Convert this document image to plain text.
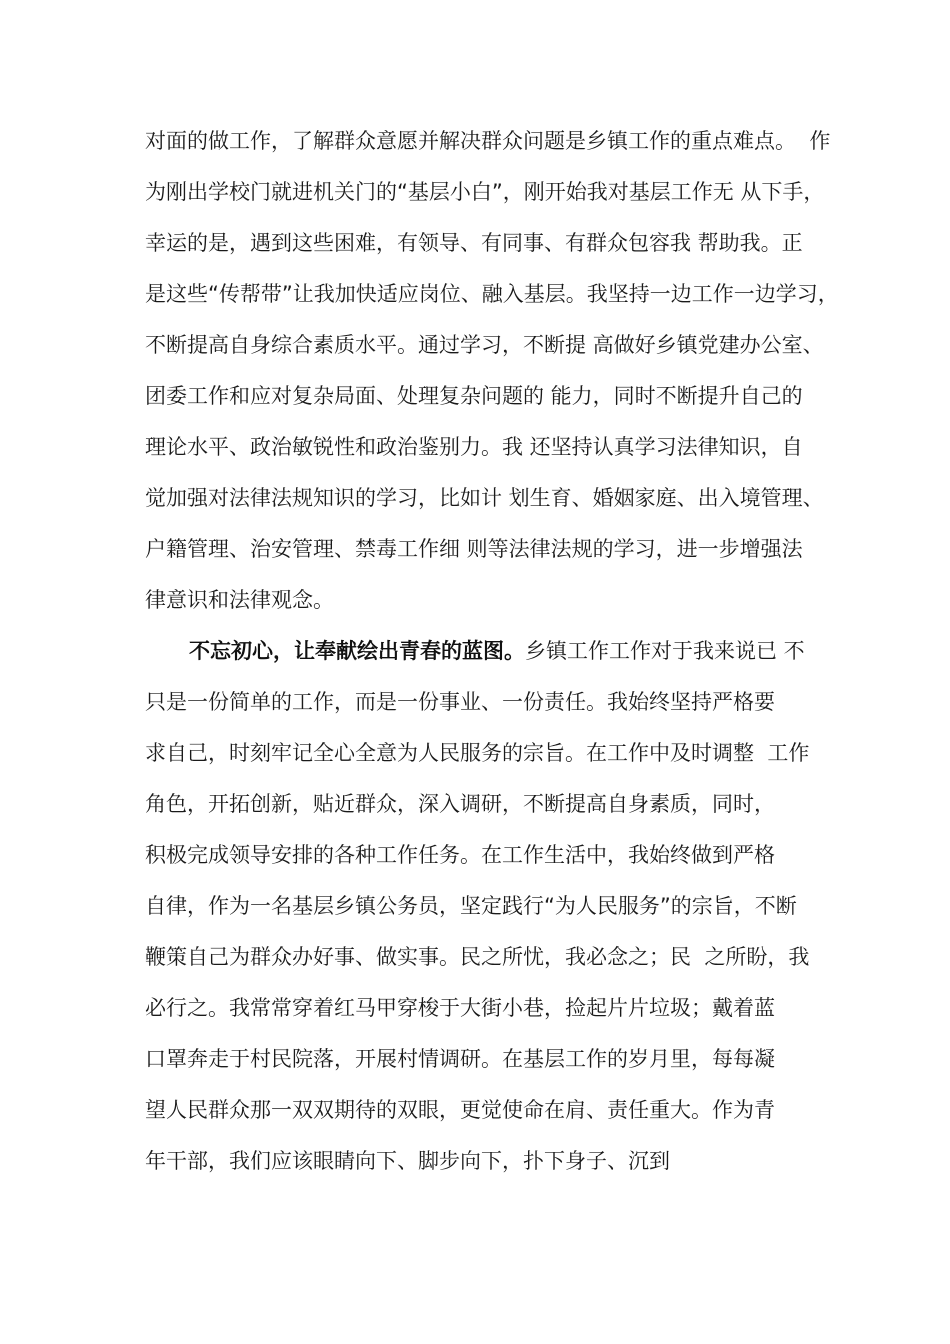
对面的做工作，了解群众意愿并解决群众问题是乡镇工作的重点难点。  作

为刚出学校门就进机关门的“基层小白”，刚开始我对基层工作无 从下手，

幸运的是，遇到这些困难，有领导、有同事、有群众包容我 帮助我。正

是这些“传帮带”让我加快适应岗位、融入基层。我坚持一边工作一边学习，

不断提高自身综合素质水平。通过学习，不断提 高做好乡镇党建办公室、

团委工作和应对复杂局面、处理复杂问题的 能力，同时不断提升自己的

理论水平、政治敏锐性和政治鉴别力。我 还坚持认真学习法律知识，自

觉加强对法律法规知识的学习，比如计 划生育、婚姻家庭、出入境管理、

户籍管理、治安管理、禁毒工作细 则等法律法规的学习，进一步增强法

律意识和法律观念。

不忘初心，让奉献绘出青春的蓝图。乡镇工作工作对于我来说已 不

只是一份简单的工作，而是一份事业、一份责任。我始终坚持严格要

求自己，时刻牢记全心全意为人民服务的宗旨。在工作中及时调整  工作

角色，开拓创新，贴近群众，深入调研，不断提高自身素质，同时，

积极完成领导安排的各种工作任务。在工作生活中，我始终做到严格

自律，作为一名基层乡镇公务员，坚定践行“为人民服务”的宗旨，不断

鞭策自己为群众办好事、做实事。民之所忧，我必念之；民  之所盼，我

必行之。我常常穿着红马甲穿梭于大街小巷，捡起片片垃圾；戴着蓝

口罩奔走于村民院落，开展村情调研。在基层工作的岁月里，每每凝

望人民群众那一双双期待的双眼，更觉使命在肩、责任重大。作为青

年干部，我们应该眼睛向下、脚步向下，扑下身子、沉到
